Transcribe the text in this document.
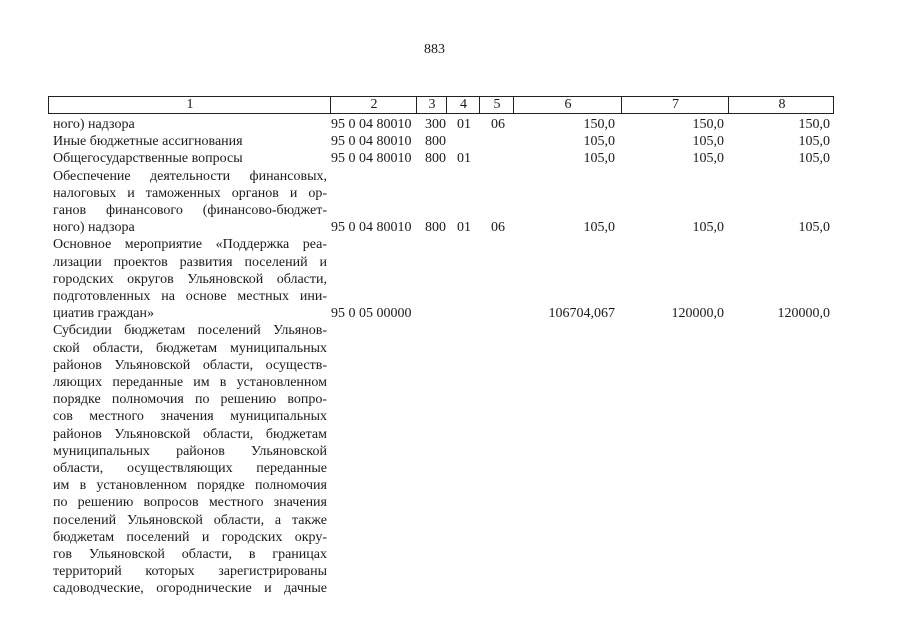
883
1	2	3	4	5	6	7	8
ного) надзора	95 0 04 80010 300 01 06	150,0	150,0	150,0
Иные бюджетные ассигнования	95 0 04 80010 800	105,0	105,0	105,0
Общегосударственные вопросы	95 0 04 80010 800 01	105,0	105,0	105,0
Обеспечение деятельности финансовых,
налоговых и таможенных органов и ор-
ганов финансового (финансово-бюджет-
ного) надзора	95 0 04 80010 800 01 06	105,0	105,0	105,0
Основное мероприятие «Поддержка реа-
лизации проектов развития поселений и
городских округов Ульяновской области,
подготовленных на основе местных ини-
циатив граждан»	95 0 05 00000	106704,067	120000,0	120000,0
Субсидии бюджетам поселений Ульянов-
ской области, бюджетам муниципальных
районов Ульяновской области, осуществ-
ляющих переданные им в установленном
порядке полномочия по решению вопро-
сов местного значения муниципальных
районов Ульяновской области, бюджетам
муниципальных районов Ульяновской
области, осуществляющих переданные
им в установленном порядке полномочия
по решению вопросов местного значения
поселений Ульяновской области, а также
бюджетам поселений и городских окру-
гов Ульяновской области, в границах
территорий которых зарегистрированы
садоводческие, огороднические и дачные
